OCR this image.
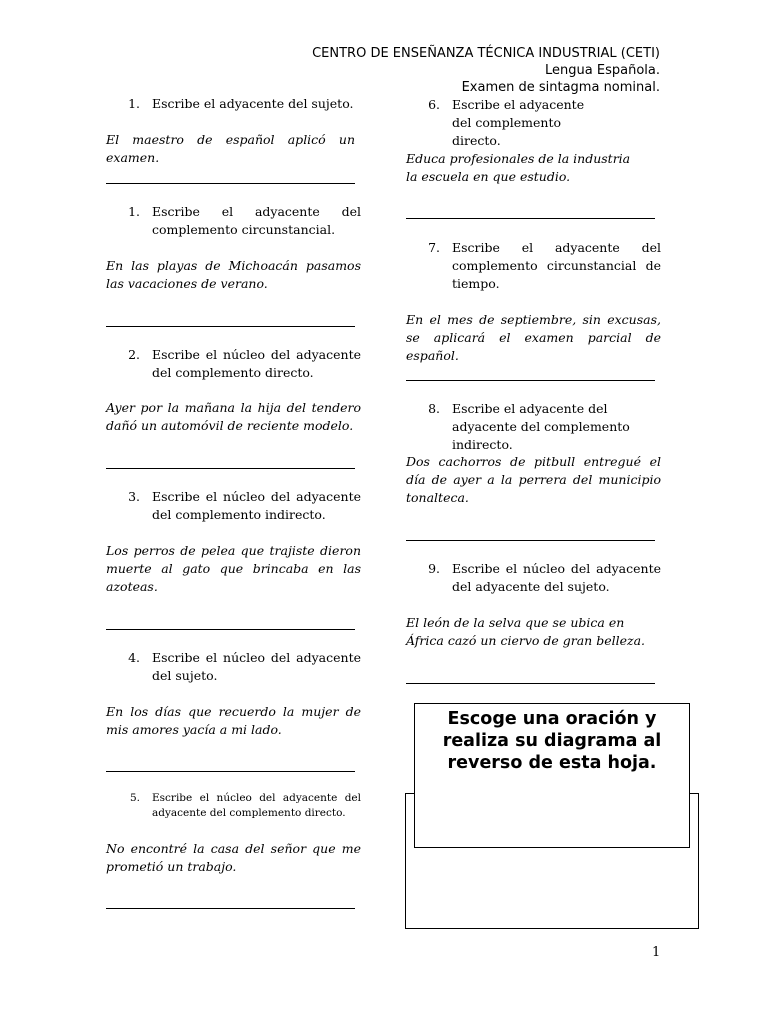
CENTRO DE ENSEÑANZA TÉCNICA INDUSTRIAL (CETI)
Lengua Española.
Examen de sintagma nominal.
1. Escribe el adyacente del sujeto.
El maestro de español aplicó un examen.
1. Escribe el adyacente del complemento circunstancial.
En las playas de Michoacán pasamos las vacaciones de verano.
2. Escribe el núcleo del adyacente del complemento directo.
Ayer por la mañana la hija del tendero dañó un automóvil de reciente modelo.
3. Escribe el núcleo del adyacente del complemento indirecto.
Los perros de pelea que trajiste dieron muerte al gato que brincaba en las azoteas.
4. Escribe el núcleo del adyacente del sujeto.
En los días que recuerdo la mujer de mis amores yacía a mi lado.
5. Escribe el núcleo del adyacente del adyacente del complemento directo.
No encontré la casa del señor que me prometió un trabajo.
6. Escribe el adyacente del complemento directo.
Educa profesionales de la industria la escuela en que estudio.
7. Escribe el adyacente del complemento circunstancial de tiempo.
En el mes de septiembre, sin excusas, se aplicará el examen parcial de español.
8. Escribe el adyacente del adyacente del complemento indirecto.
Dos cachorros de pitbull entregué el día de ayer a la perrera del municipio tonalteca.
9. Escribe el núcleo del adyacente del adyacente del sujeto.
El león de la selva que se ubica en África cazó un ciervo de gran belleza.
Escoge una oración y realiza su diagrama al reverso de esta hoja.
1
